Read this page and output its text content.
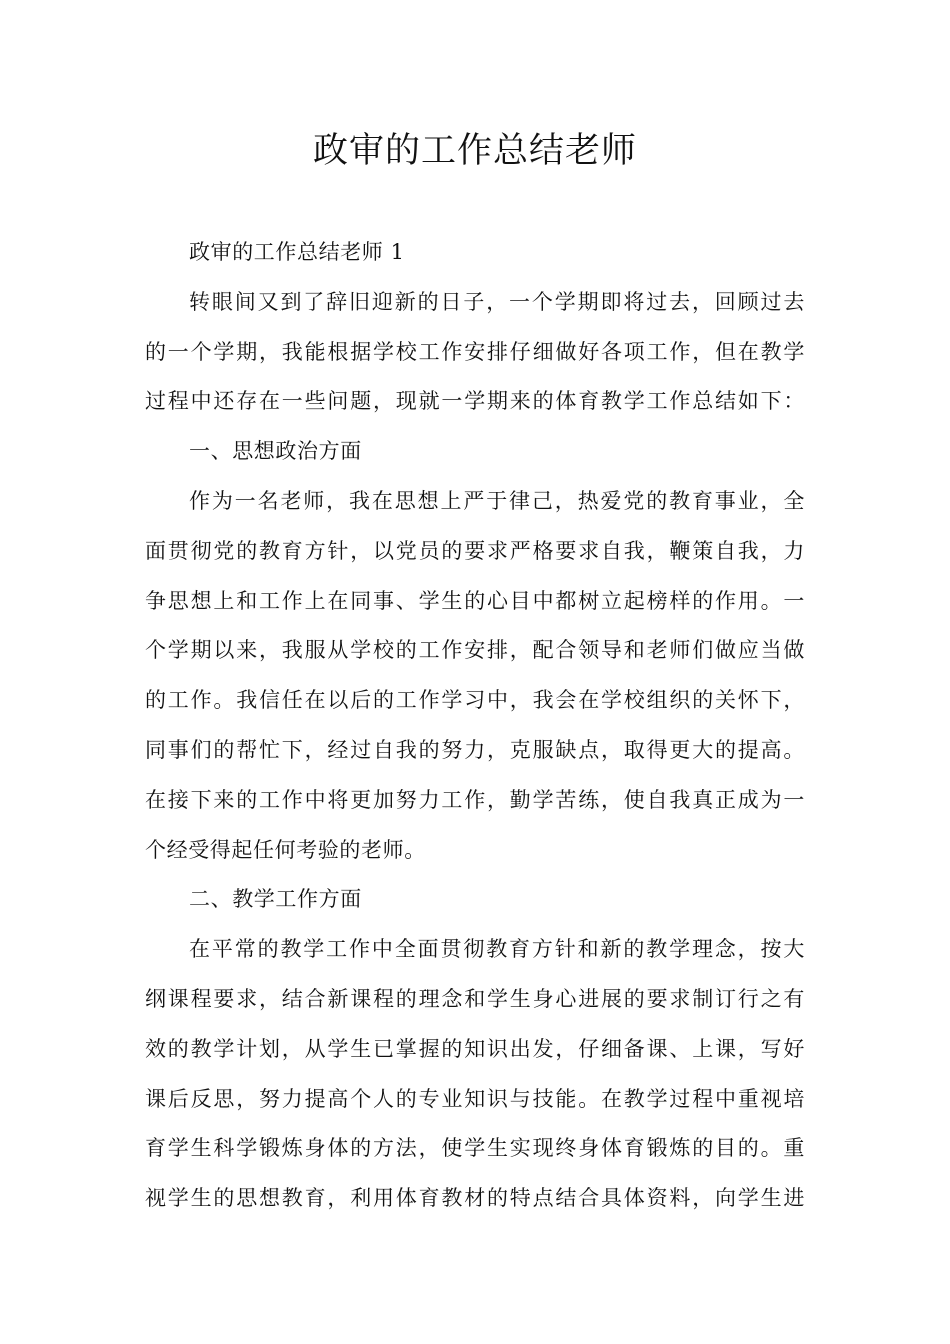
政审的工作总结老师

政审的工作总结老师 1

转眼间又到了辞旧迎新的日子，一个学期即将过去，回顾过去

的一个学期，我能根据学校工作安排仔细做好各项工作，但在教学

过程中还存在一些问题，现就一学期来的体育教学工作总结如下：

一、思想政治方面

作为一名老师，我在思想上严于律己，热爱党的教育事业，全

面贯彻党的教育方针，以党员的要求严格要求自我，鞭策自我，力

争思想上和工作上在同事、学生的心目中都树立起榜样的作用。一

个学期以来，我服从学校的工作安排，配合领导和老师们做应当做

的工作。我信任在以后的工作学习中，我会在学校组织的关怀下，

同事们的帮忙下，经过自我的努力，克服缺点，取得更大的提高。

在接下来的工作中将更加努力工作，勤学苦练，使自我真正成为一

个经受得起任何考验的老师。

二、教学工作方面

在平常的教学工作中全面贯彻教育方针和新的教学理念，按大

纲课程要求，结合新课程的理念和学生身心进展的要求制订行之有

效的教学计划，从学生已掌握的知识出发，仔细备课、上课，写好

课后反思，努力提高个人的专业知识与技能。在教学过程中重视培

育学生科学锻炼身体的方法，使学生实现终身体育锻炼的目的。重

视学生的思想教育，利用体育教材的特点结合具体资料，向学生进
